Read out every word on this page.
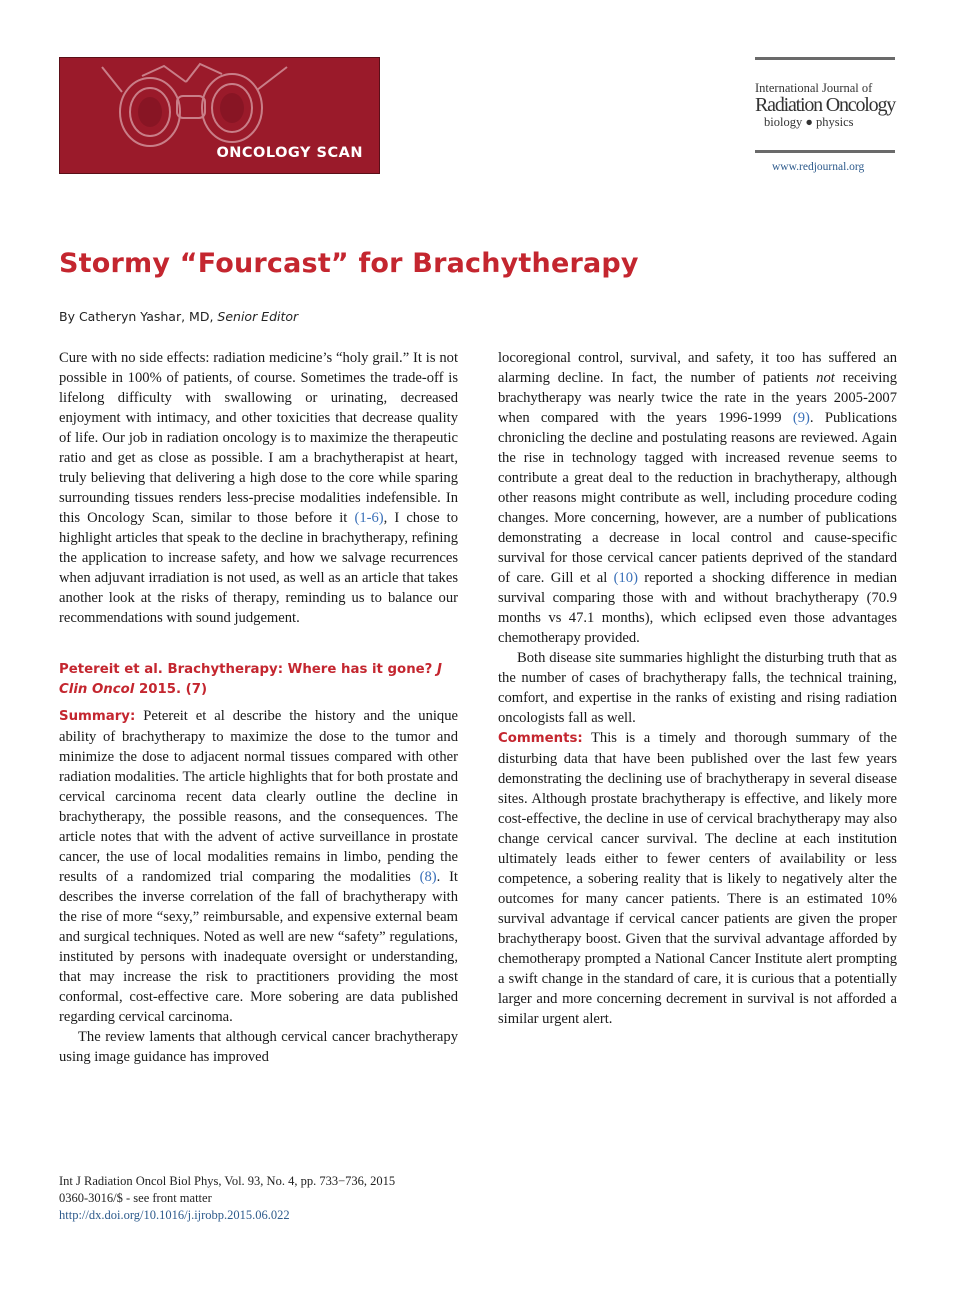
ONCOLOGY SCAN
International Journal of
Radiation Oncology
biology ● physics
www.redjournal.org
Stormy “Fourcast” for Brachytherapy
By Catheryn Yashar, MD, Senior Editor

Cure with no side effects: radiation medicine’s “holy grail.” It is not possible in 100% of patients, of course. Sometimes the trade-off is lifelong difficulty with swallowing or urinating, decreased enjoyment with intimacy, and other toxicities that decrease quality of life. Our job in radiation oncology is to maximize the therapeutic ratio and get as close as possible. I am a brachytherapist at heart, truly believing that delivering a high dose to the core while sparing surrounding tissues renders less-precise modalities indefensible. In this Oncology Scan, similar to those before it (1-6), I chose to highlight articles that speak to the decline in brachytherapy, refining the application to increase safety, and how we salvage recurrences when adjuvant irradiation is not used, as well as an article that takes another look at the risks of therapy, reminding us to balance our recommendations with sound judgement.

Petereit et al. Brachytherapy: Where has it gone? J Clin Oncol 2015. (7)

Summary: Petereit et al describe the history and the unique ability of brachytherapy to maximize the dose to the tumor and minimize the dose to adjacent normal tissues compared with other radiation modalities. The article highlights that for both prostate and cervical carcinoma recent data clearly outline the decline in brachytherapy, the possible reasons, and the consequences. The article notes that with the advent of active surveillance in prostate cancer, the use of local modalities remains in limbo, pending the results of a randomized trial comparing the modalities (8). It describes the inverse correlation of the fall of brachytherapy with the rise of more “sexy,” reimbursable, and expensive external beam and surgical techniques. Noted as well are new “safety” regulations, instituted by persons with inadequate oversight or understanding, that may increase the risk to practitioners providing the most conformal, cost-effective care. More sobering are data published regarding cervical carcinoma.

The review laments that although cervical cancer brachytherapy using image guidance has improved

locoregional control, survival, and safety, it too has suffered an alarming decline. In fact, the number of patients not receiving brachytherapy was nearly twice the rate in the years 2005-2007 when compared with the years 1996-1999 (9). Publications chronicling the decline and postulating reasons are reviewed. Again the rise in technology tagged with increased revenue seems to contribute a great deal to the reduction in brachytherapy, although other reasons might contribute as well, including procedure coding changes. More concerning, however, are a number of publications demonstrating a decrease in local control and cause-specific survival for those cervical cancer patients deprived of the standard of care. Gill et al (10) reported a shocking difference in median survival comparing those with and without brachytherapy (70.9 months vs 47.1 months), which eclipsed even those advantages chemotherapy provided.

Both disease site summaries highlight the disturbing truth that as the number of cases of brachytherapy falls, the technical training, comfort, and expertise in the ranks of existing and rising radiation oncologists fall as well.

Comments: This is a timely and thorough summary of the disturbing data that have been published over the last few years demonstrating the declining use of brachytherapy in several disease sites. Although prostate brachytherapy is effective, and likely more cost-effective, the decline in use of cervical brachytherapy may also change cervical cancer survival. The decline at each institution ultimately leads either to fewer centers of availability or less competence, a sobering reality that is likely to negatively alter the outcomes for many cancer patients. There is an estimated 10% survival advantage if cervical cancer patients are given the proper brachytherapy boost. Given that the survival advantage afforded by chemotherapy prompted a National Cancer Institute alert prompting a swift change in the standard of care, it is curious that a potentially larger and more concerning decrement in survival is not afforded a similar urgent alert.

Int J Radiation Oncol Biol Phys, Vol. 93, No. 4, pp. 733−736, 2015
0360-3016/$ - see front matter
http://dx.doi.org/10.1016/j.ijrobp.2015.06.022
